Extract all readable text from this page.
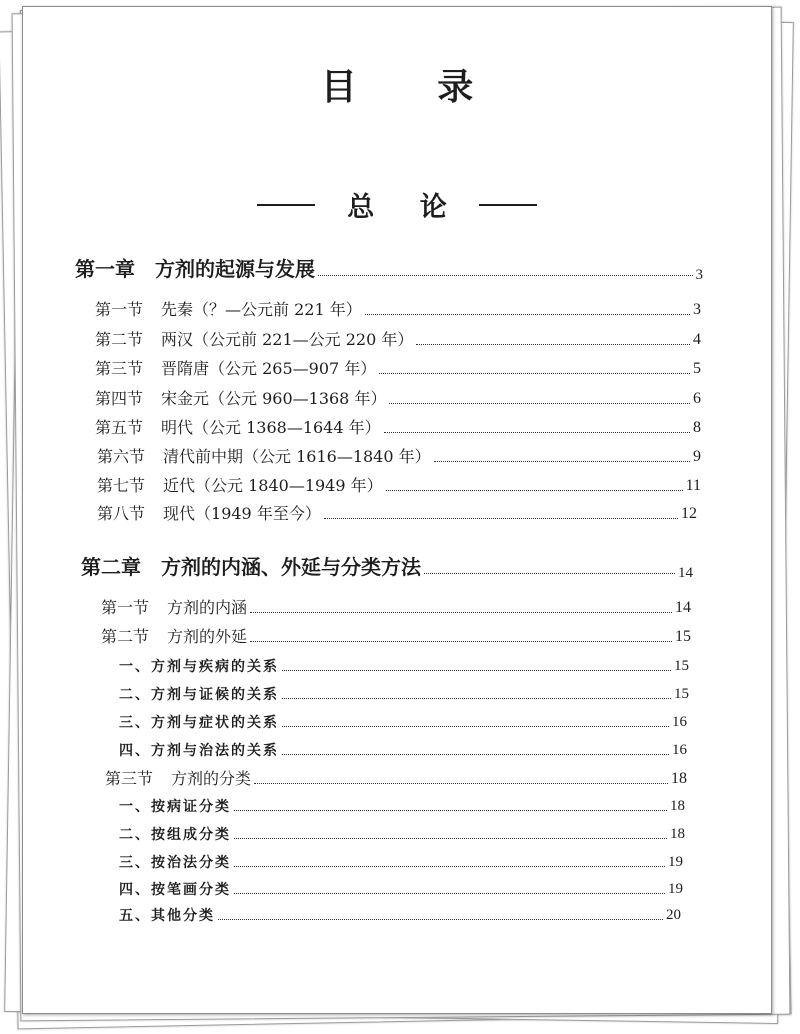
目 录
总 论
第一章 方剂的起源与发展	3
第一节 先秦（？—公元前 221 年）	3
第二节 两汉（公元前 221—公元 220 年）	4
第三节 晋隋唐（公元 265—907 年）	5
第四节 宋金元（公元 960—1368 年）	6
第五节 明代（公元 1368—1644 年）	8
第六节 清代前中期（公元 1616—1840 年）	9
第七节 近代（公元 1840—1949 年）	11
第八节 现代（1949 年至今）	12
第二章 方剂的内涵、外延与分类方法	14
第一节 方剂的内涵	14
第二节 方剂的外延	15
一、方剂与疾病的关系	15
二、方剂与证候的关系	15
三、方剂与症状的关系	16
四、方剂与治法的关系	16
第三节 方剂的分类	18
一、按病证分类	18
二、按组成分类	18
三、按治法分类	19
四、按笔画分类	19
五、其他分类	20
